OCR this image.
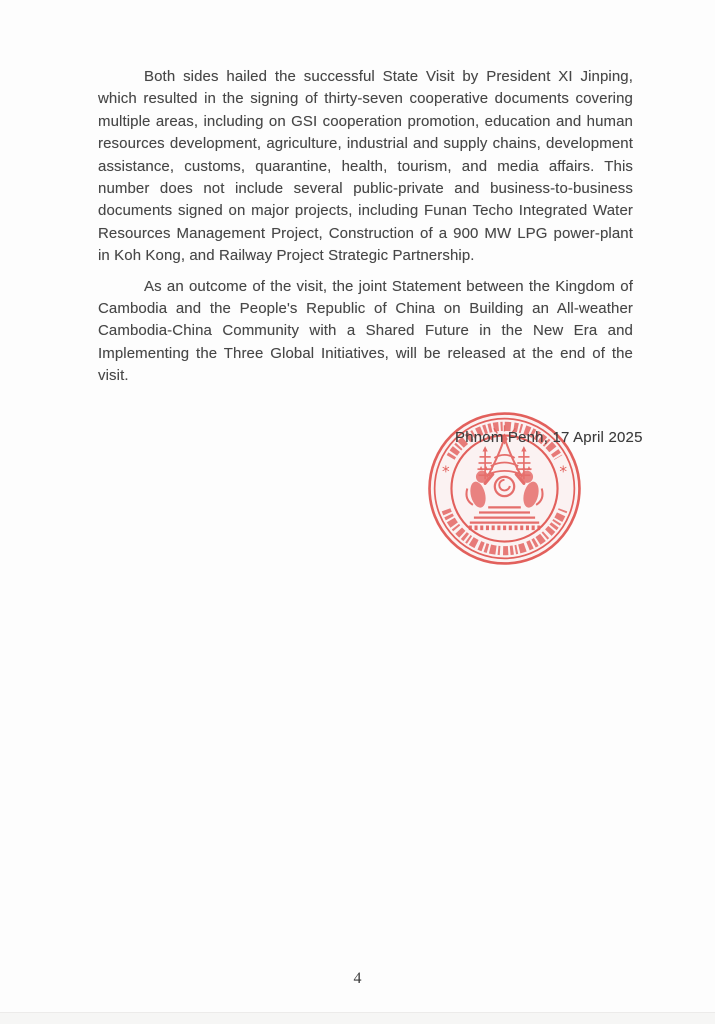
Both sides hailed the successful State Visit by President XI Jinping, which resulted in the signing of thirty-seven cooperative documents covering multiple areas, including on GSI cooperation promotion, education and human resources development, agriculture, industrial and supply chains, development assistance, customs, quarantine, health, tourism, and media affairs. This number does not include several public-private and business-to-business documents signed on major projects, including Funan Techo Integrated Water Resources Management Project, Construction of a 900 MW LPG power-plant in Koh Kong, and Railway Project Strategic Partnership.

As an outcome of the visit, the joint Statement between the Kingdom of Cambodia and the People's Republic of China on Building an All-weather Cambodia-China Community with a Shared Future in the New Era and Implementing the Three Global Initiatives, will be released at the end of the visit.

*	*
Phnom Penh, 17 April 2025
4
